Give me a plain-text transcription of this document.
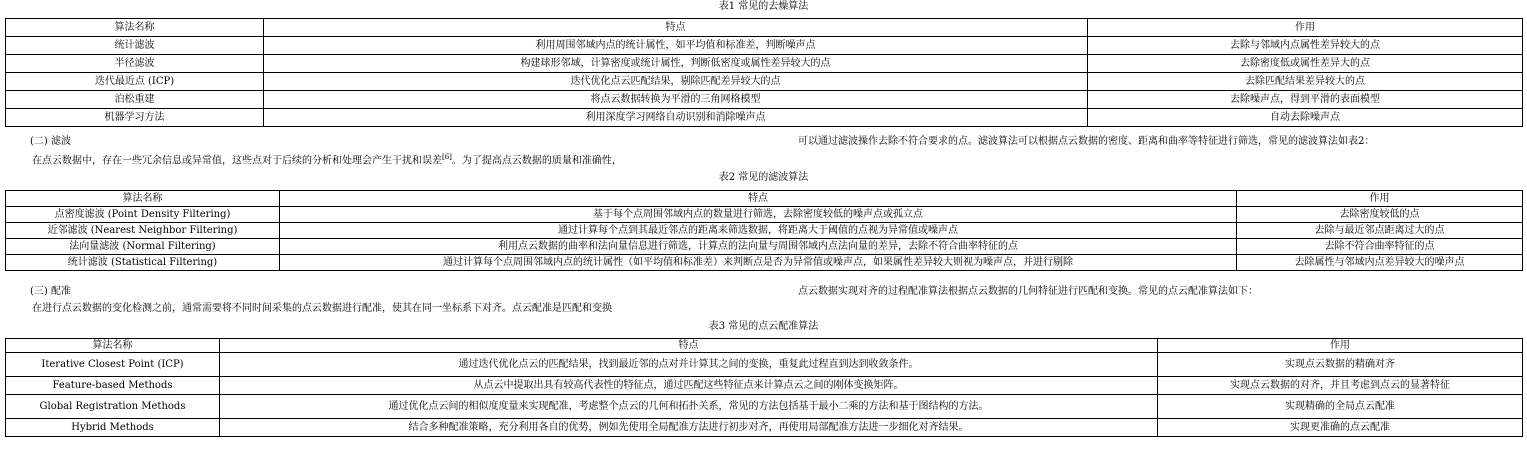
表1 常见的去燥算法
算法名称	特点	作用
统计滤波	利用周围邻域内点的统计属性，如平均值和标准差，判断噪声点	去除与邻域内点属性差异较大的点
半径滤波	构建球形邻域，计算密度或统计属性，判断低密度或属性差异较大的点	去除密度低或属性差异大的点
迭代最近点 (ICP)	迭代优化点云匹配结果，剔除匹配差异较大的点	去除匹配结果差异较大的点
泊松重建	将点云数据转换为平滑的三角网格模型	去除噪声点，得到平滑的表面模型
机器学习方法	利用深度学习网络自动识别和消除噪声点	自动去除噪声点
(二) 滤波	可以通过滤波操作去除不符合要求的点。滤波算法可以根据点云数据的密度、距离和曲率等特征进行筛选，常见的滤波算法如表2：
在点云数据中，存在一些冗余信息或异常值，这些点对于后续的分析和处理会产生干扰和误差[6]。为了提高点云数据的质量和准确性，
表2 常见的滤波算法
算法名称	特点	作用
点密度滤波 (Point Density Filtering)	基于每个点周围邻域内点的数量进行筛选，去除密度较低的噪声点或孤立点	去除密度较低的点
近邻滤波 (Nearest Neighbor Filtering)	通过计算每个点到其最近邻点的距离来筛选数据，将距离大于阈值的点视为异常值或噪声点	去除与最近邻点距离过大的点
法向量滤波 (Normal Filtering)	利用点云数据的曲率和法向量信息进行筛选，计算点的法向量与周围邻域内点法向量的差异，去除不符合曲率特征的点	去除不符合曲率特征的点
统计滤波 (Statistical Filtering)	通过计算每个点周围邻域内点的统计属性（如平均值和标准差）来判断点是否为异常值或噪声点，如果属性差异较大则视为噪声点，并进行剔除	去除属性与邻域内点差异较大的噪声点
(三) 配准	点云数据实现对齐的过程配准算法根据点云数据的几何特征进行匹配和变换。常见的点云配准算法如下：
在进行点云数据的变化检测之前，通常需要将不同时间采集的点云数据进行配准，使其在同一坐标系下对齐。点云配准是匹配和变换
表3 常见的点云配准算法
算法名称	特点	作用
Iterative Closest Point (ICP)	通过迭代优化点云的匹配结果，找到最近邻的点对并计算其之间的变换，重复此过程直到达到收敛条件。	实现点云数据的精确对齐
Feature-based Methods	从点云中提取出具有较高代表性的特征点，通过匹配这些特征点来计算点云之间的刚体变换矩阵。	实现点云数据的对齐，并且考虑到点云的显著特征
Global Registration Methods	通过优化点云间的相似度度量来实现配准，考虑整个点云的几何和拓扑关系，常见的方法包括基于最小二乘的方法和基于图结构的方法。	实现精确的全局点云配准
Hybrid Methods	结合多种配准策略，充分利用各自的优势，例如先使用全局配准方法进行初步对齐，再使用局部配准方法进一步细化对齐结果。	实现更准确的点云配准
